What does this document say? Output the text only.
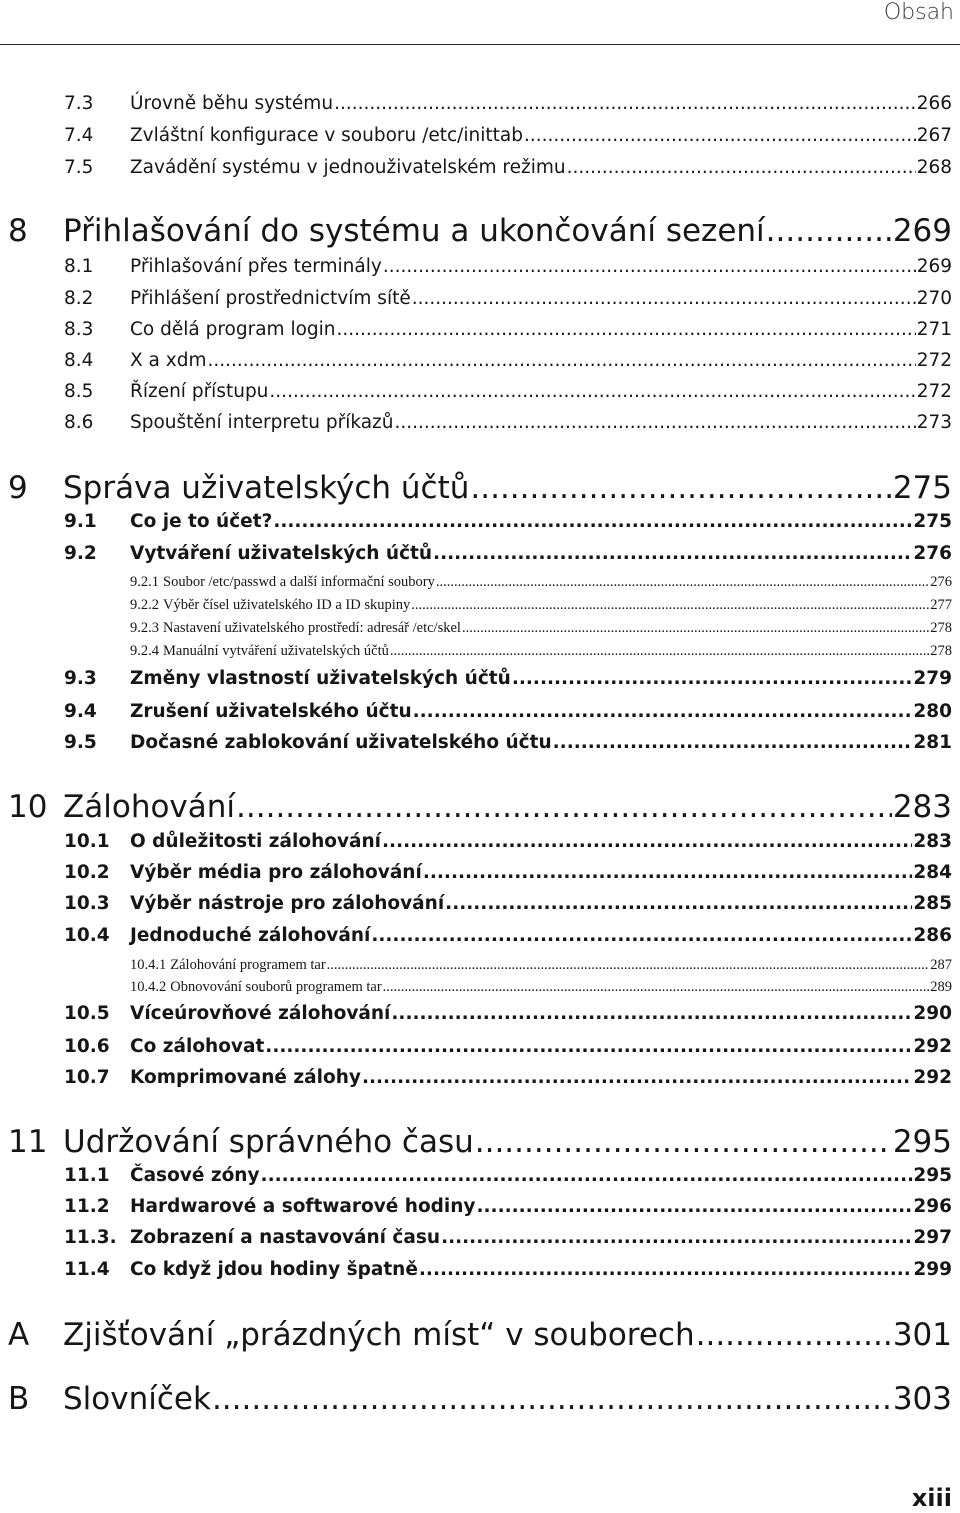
Obsah
7.3	Úrovně běhu systému .....	266
7.4	Zvláštní konfigurace v souboru /etc/inittab .....	267
7.5	Zavádění systému v jednouživatelském režimu .....	268
8	Přihlašování do systému a ukončování sezení .....	269
8.1	Přihlašování přes terminály .....	269
8.2	Přihlášení prostřednictvím sítě .....	270
8.3	Co dělá program login .....	271
8.4	X a xdm .....	272
8.5	Řízení přístupu .....	272
8.6	Spouštění interpretu příkazů .....	273
9	Správa uživatelských účtů .....	275
9.1	Co je to účet? .....	275
9.2	Vytváření uživatelských účtů .....	276
9.2.1 Soubor /etc/passwd a další informační soubory .....	276
9.2.2 Výběr čísel uživatelského ID a ID skupiny .....	277
9.2.3 Nastavení uživatelského prostředí: adresář /etc/skel .....	278
9.2.4 Manuální vytváření uživatelských účtů .....	278
9.3	Změny vlastností uživatelských účtů .....	279
9.4	Zrušení uživatelského účtu .....	280
9.5	Dočasné zablokování uživatelského účtu .....	281
10 Zálohování .....	283
10.1	O důležitosti zálohování .....	283
10.2	Výběr média pro zálohování .....	284
10.3	Výběr nástroje pro zálohování .....	285
10.4	Jednoduché zálohování .....	286
10.4.1 Zálohování programem tar .....	287
10.4.2 Obnovování souborů programem tar .....	289
10.5	Víceúrovňové zálohování .....	290
10.6	Co zálohovat .....	292
10.7	Komprimované zálohy .....	292
11 Udržování správného času .....	295
11.1	Časové zóny .....	295
11.2	Hardwarové a softwarové hodiny .....	296
11.3. Zobrazení a nastavování času .....	297
11.4	Co když jdou hodiny špatně .....	299
A	Zjišťování „prázdných míst“ v souborech .....	301
B	Slovníček .....	303
xiii
